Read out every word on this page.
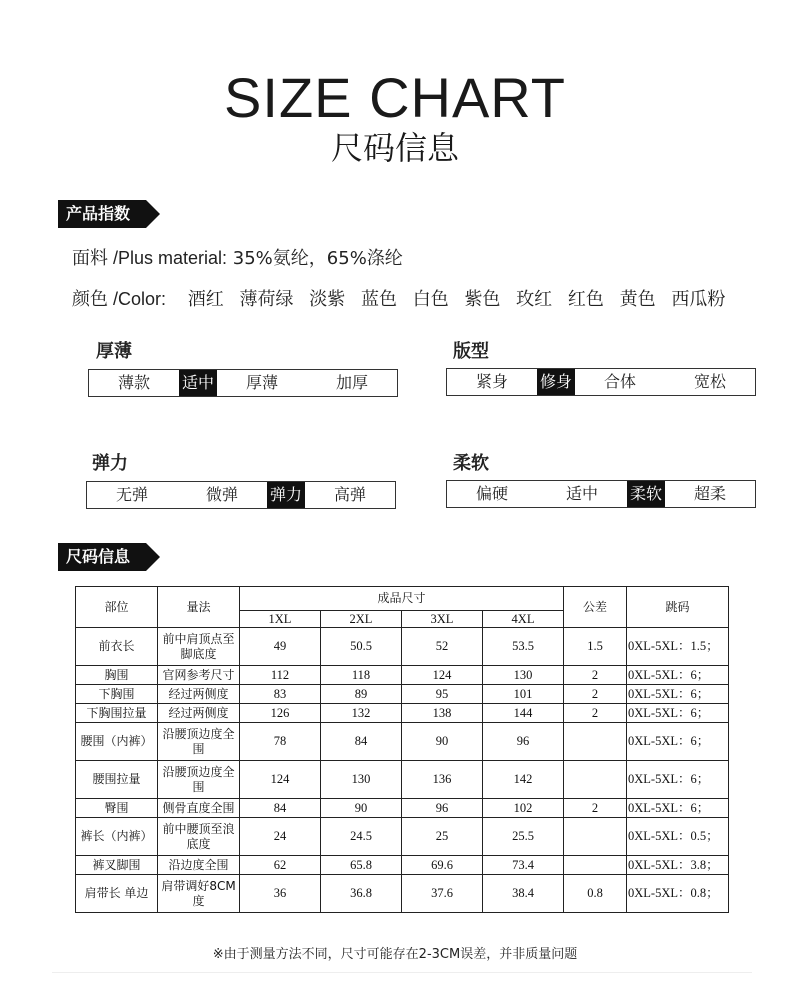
SIZE CHART
尺码信息
产品指数
面料 /Plus material: 35%氨纶，65%涤纶
颜色 /Color: 酒红 薄荷绿 淡紫 蓝色 白色 紫色 玫红 红色 黄色 西瓜粉
厚薄
薄款	适中	厚薄	加厚
版型
紧身	修身	合体	宽松
弹力
无弹	微弹	弹力	高弹
柔软
偏硬	适中	柔软	超柔
尺码信息
部位	量法	成品尺寸				公差	跳码
		1XL	2XL	3XL	4XL		
前衣长	前中肩顶点至脚底度	49	50.5	52	53.5	1.5	0XL-5XL：1.5；
胸围	官网参考尺寸	112	118	124	130	2	0XL-5XL：6；
下胸围	经过两侧度	83	89	95	101	2	0XL-5XL：6；
下胸围拉量	经过两侧度	126	132	138	144	2	0XL-5XL：6；
腰围（内裤）	沿腰顶边度全围	78	84	90	96		0XL-5XL：6；
腰围拉量	沿腰顶边度全围	124	130	136	142		0XL-5XL：6；
臀围	侧骨直度全围	84	90	96	102	2	0XL-5XL：6；
裤长（内裤）	前中腰顶至浪底度	24	24.5	25	25.5		0XL-5XL：0.5；
裤叉脚围	沿边度全围	62	65.8	69.6	73.4		0XL-5XL：3.8；
肩带长 单边	肩带调好8CM度	36	36.8	37.6	38.4	0.8	0XL-5XL：0.8；
※由于测量方法不同，尺寸可能存在2-3CM误差，并非质量问题
